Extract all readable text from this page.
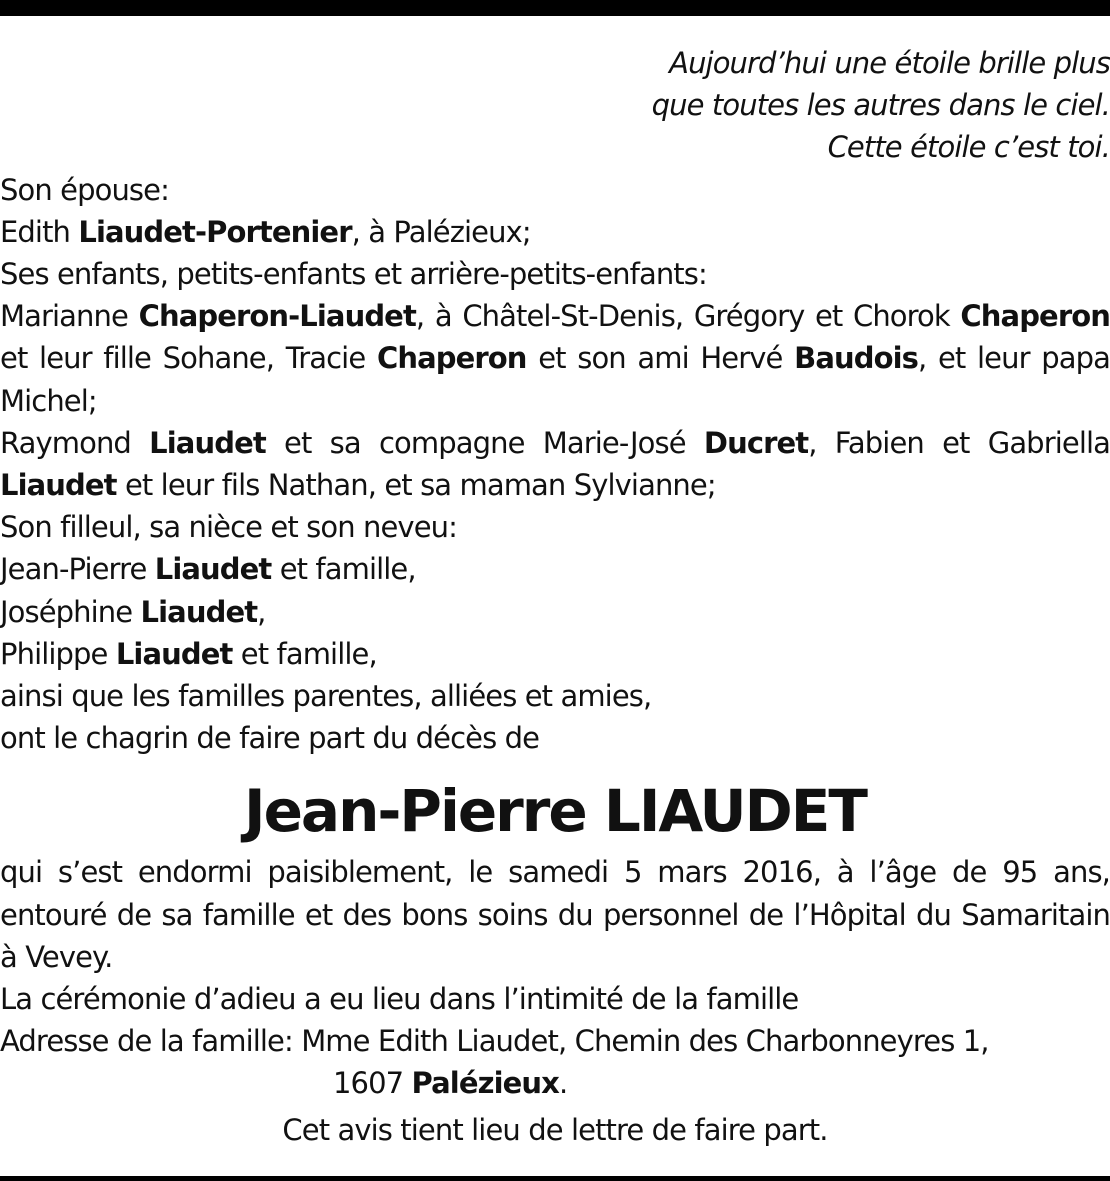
Aujourd’hui une étoile brille plus
que toutes les autres dans le ciel.
Cette étoile c’est toi.
Son épouse:
Edith Liaudet-Portenier, à Palézieux;
Ses enfants, petits-enfants et arrière-petits-enfants:
Marianne Chaperon-Liaudet, à Châtel-St-Denis, Grégory et Chorok Chaperon et leur fille Sohane, Tracie Chaperon et son ami Hervé Baudois, et leur papa Michel;
Raymond Liaudet et sa compagne Marie-José Ducret, Fabien et Gabriella Liaudet et leur fils Nathan, et sa maman Sylvianne;
Son filleul, sa nièce et son neveu:
Jean-Pierre Liaudet et famille,
Joséphine Liaudet,
Philippe Liaudet et famille,
ainsi que les familles parentes, alliées et amies,
ont le chagrin de faire part du décès de
Jean-Pierre LIAUDET
qui s’est endormi paisiblement, le samedi 5 mars 2016, à l’âge de 95 ans, entouré de sa famille et des bons soins du personnel de l’Hôpital du Samaritain à Vevey.
La cérémonie d’adieu a eu lieu dans l’intimité de la famille
Adresse de la famille: Mme Edith Liaudet, Chemin des Charbonneyres 1,
1607 Palézieux.
Cet avis tient lieu de lettre de faire part.
